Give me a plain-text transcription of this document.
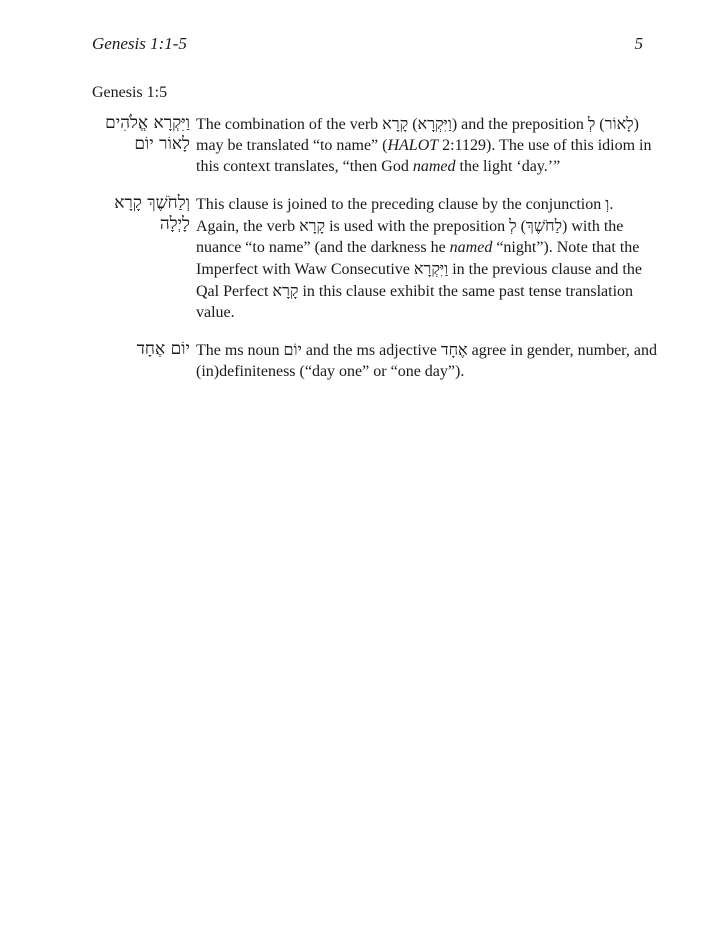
Genesis 1:1-5	5
Genesis 1:5
וַיִּקְרָא אֱלֹהִים
לָאוֹר יוֹם
The combination of the verb קָרָא (וַיִּקְרָא) and the preposition לְ (לָאוֹר) may be translated “to name” (HALOT 2:1129). The use of this idiom in this context translates, “then God named the light ‘day.’”
וְלַחֹשֶׁךְ קָרָא
לָיְלָה
This clause is joined to the preceding clause by the conjunction וְ. Again, the verb קָרָא is used with the preposition לְ (לַחֹשֶׁךְ) with the nuance “to name” (and the darkness he named “night”). Note that the Imperfect with Waw Consecutive וַיִּקְרָא in the previous clause and the Qal Perfect קָרָא in this clause exhibit the same past tense translation value.
יוֹם אֶחָד The ms noun יוֹם and the ms adjective אֶחָד agree in gender, number, and (in)definiteness (“day one” or “one day”).
